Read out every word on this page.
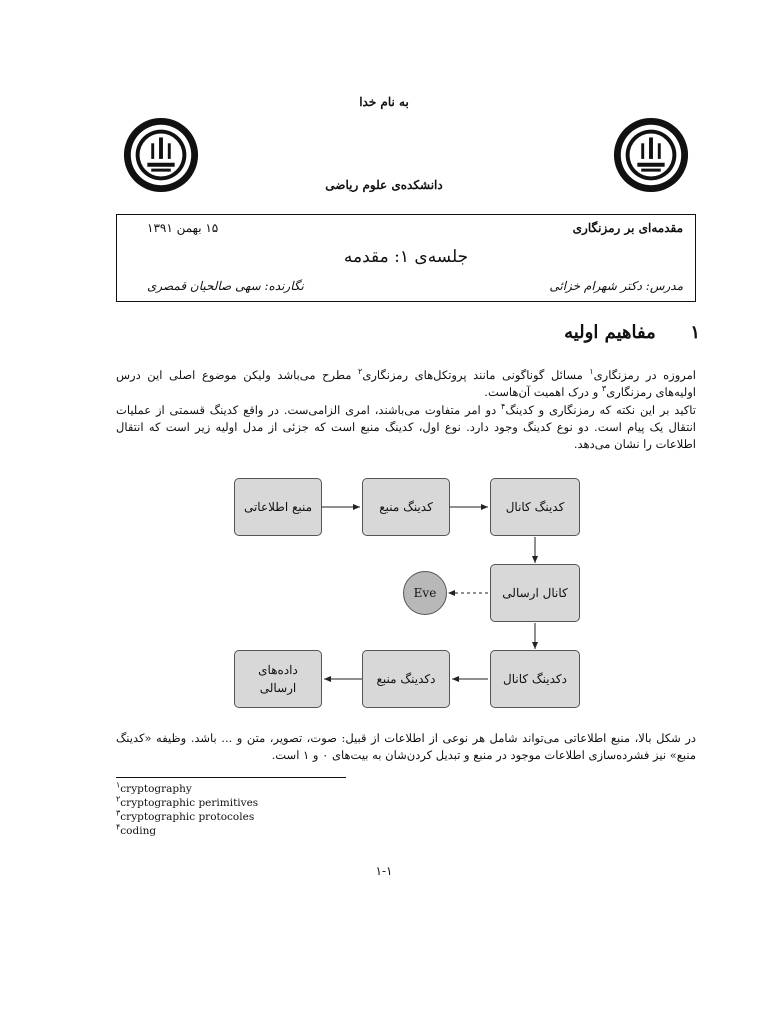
به نام خدا
دانشکده‌ی علوم ریاضی
مقدمه‌ای بر رمزنگاری
۱۵ بهمن ۱۳۹۱
جلسه‌ی ۱: مقدمه
مدرس: دکتر شهرام خزائی
نگارنده: سهی صالحیان قمصری
۱  مفاهیم اولیه
امروزه در رمزنگاری$^۱$ مسائل گوناگونی مانند پروتکل‌های رمزنگاری$^۲$ مطرح می‌باشد ولیکن موضوع اصلی این درس اولیه‌های رمزنگاری$^۳$ و درک اهمیت آن‌هاست.
تاکید بر این نکته که رمزنگاری و کدینگ$^۴$ دو امر متفاوت می‌باشند، امری الزامی‌ست. در واقع کدینگ قسمتی از عملیات انتقال یک پیام است. دو نوع کدینگ وجود دارد. نوع اول، کدینگ منبع است که جزئی از مدل اولیه زیر است که انتقال اطلاعات را نشان می‌دهد.
منبع اطلاعاتی	کدینگ منبع	کدینگ کانال
کانال ارسالی
Eve
دکدینگ کانال
دکدینگ منبع
داده‌های ارسالی
در شکل بالا، منبع اطلاعاتی می‌تواند شامل هر نوعی از اطلاعات از قبیل: صوت، تصویر، متن و ... باشد. وظیفه «کدینگ منبع» نیز فشرده‌سازی اطلاعات موجود در منبع و تبدیل کردن‌شان به بیت‌های ۰ و ۱ است.
$^۱$cryptography
$^۲$cryptographic perimitives
$^۳$cryptographic protocoles
$^۴$coding
۱-۱
